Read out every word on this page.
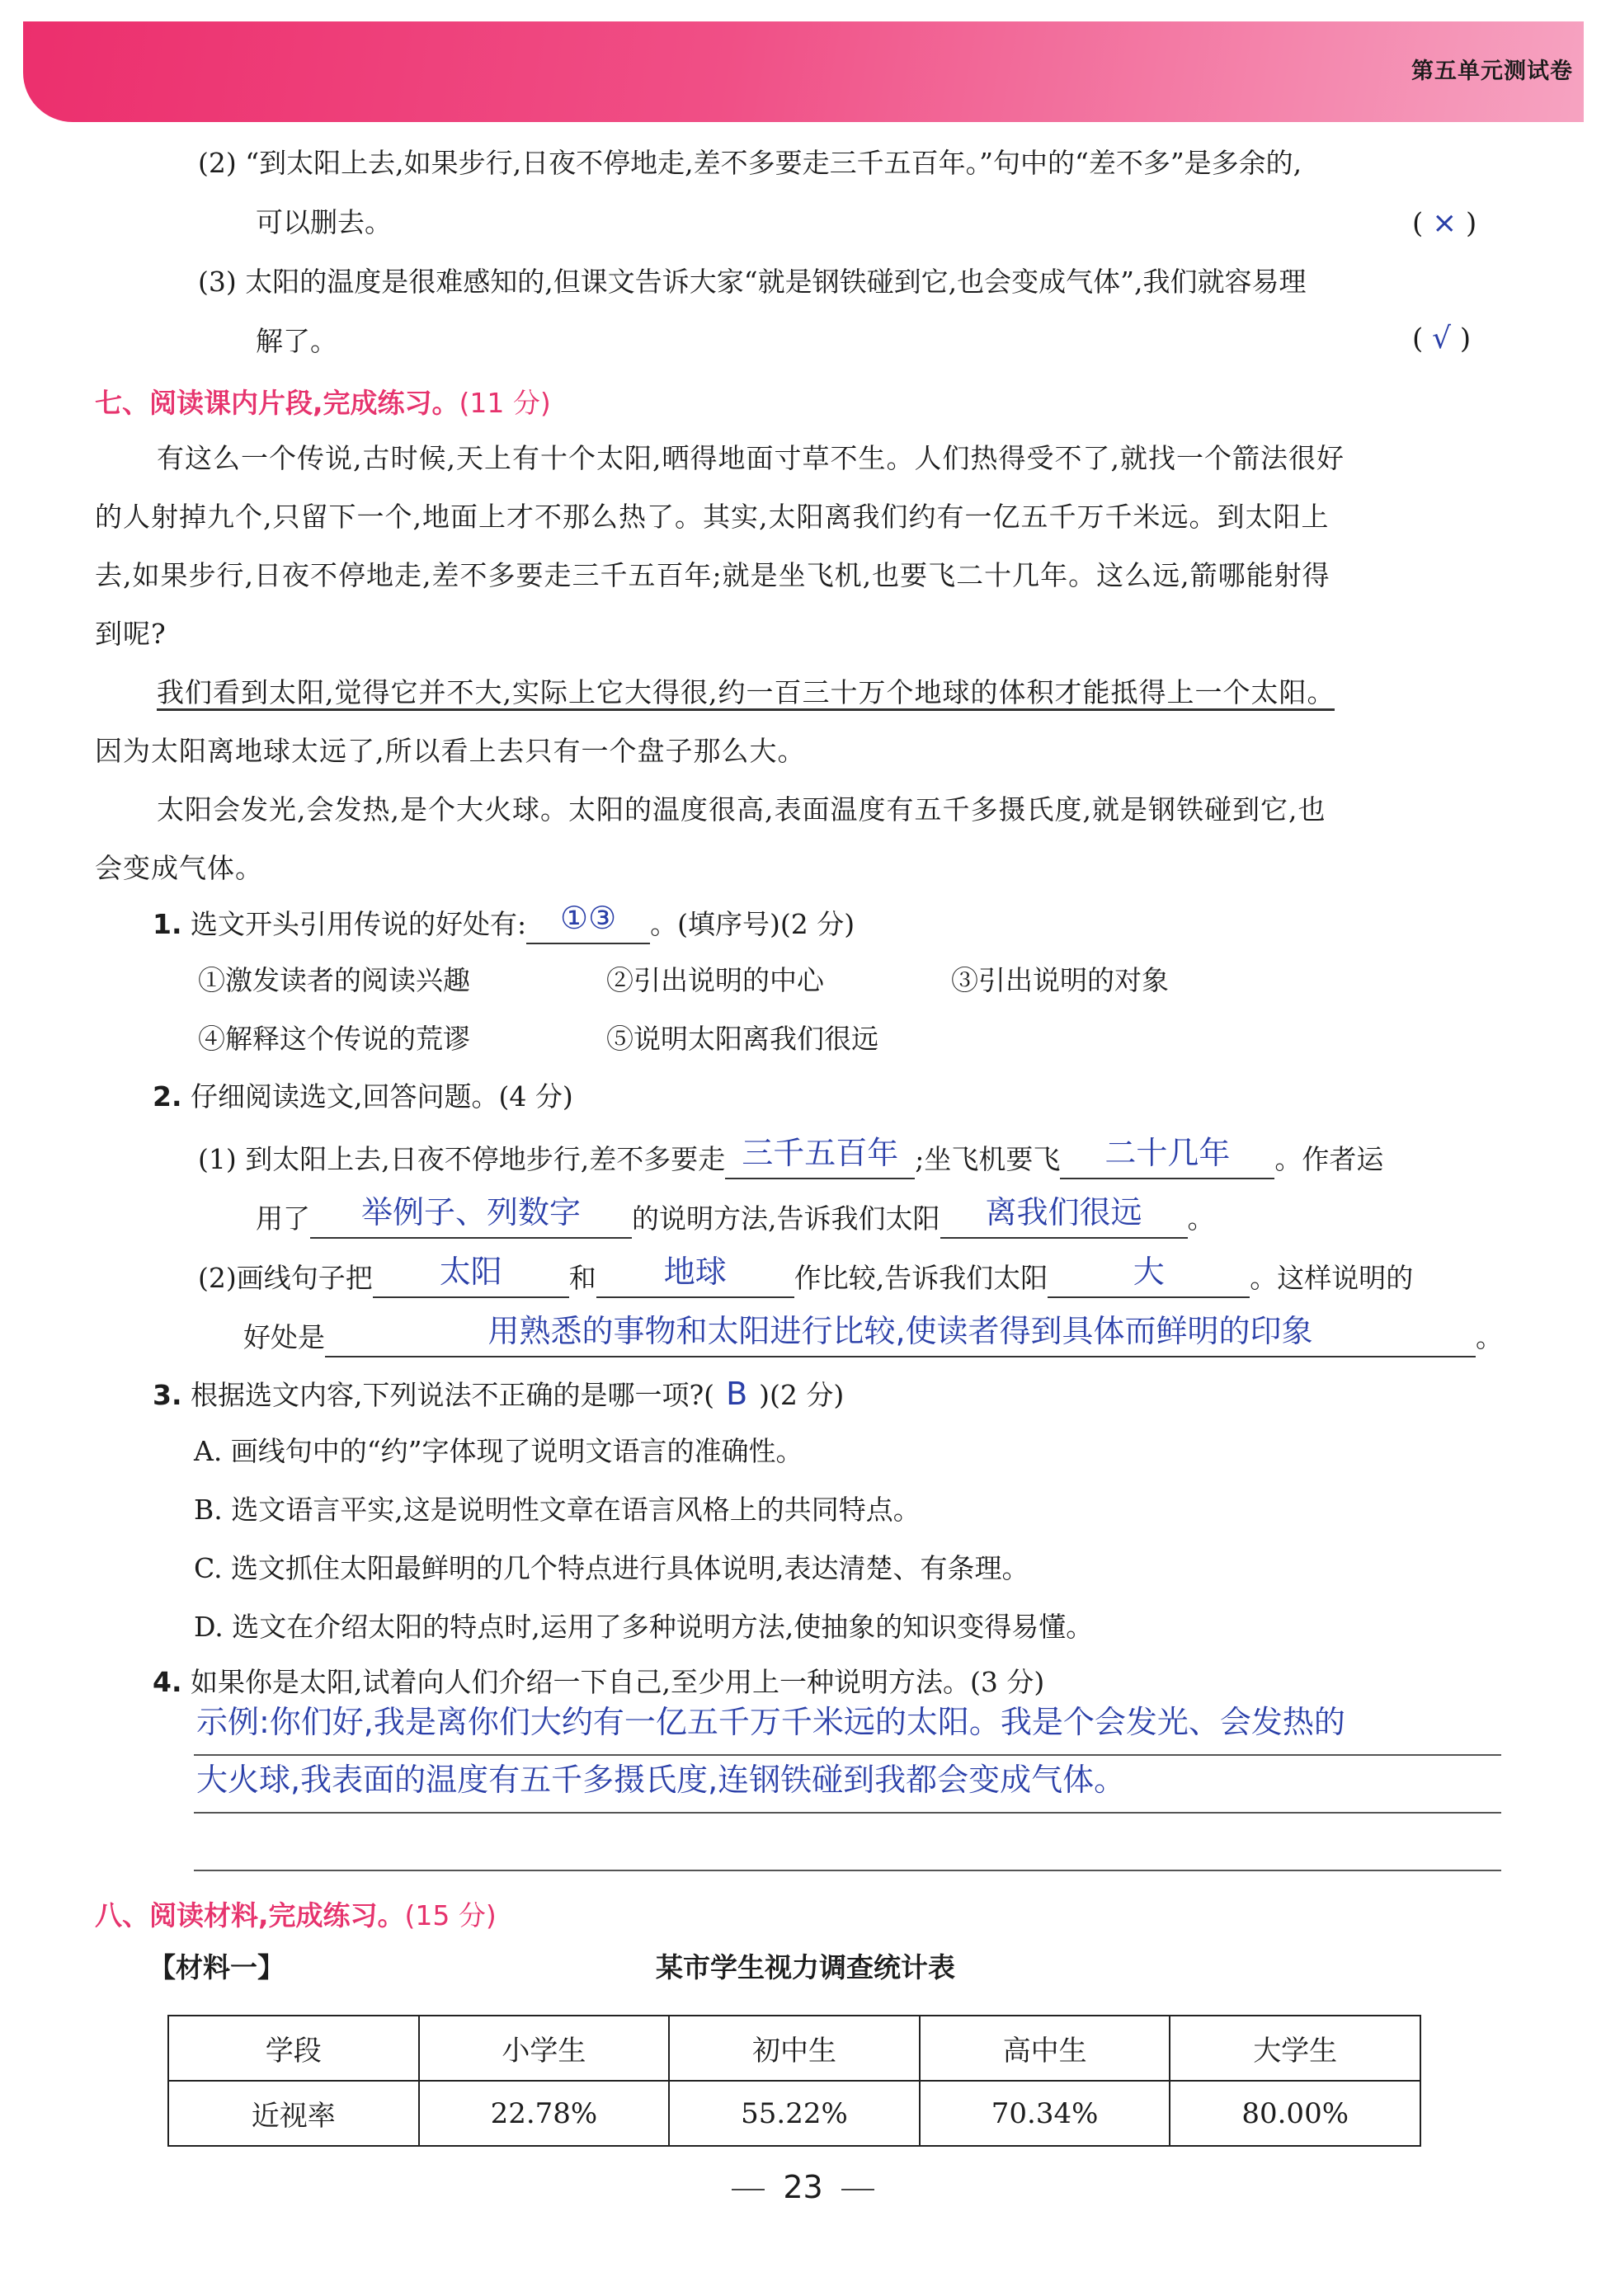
第五单元测试卷
(2) “到太阳上去,如果步行,日夜不停地走,差不多要走三千五百年。”句中的“差不多”是多余的,
可以删去。	( × )
(3) 太阳的温度是很难感知的,但课文告诉大家“就是钢铁碰到它,也会变成气体”,我们就容易理
解了。	( √ )
七、阅读课内片段,完成练习。(11 分)
有这么一个传说,古时候,天上有十个太阳,晒得地面寸草不生。人们热得受不了,就找一个箭法很好
的人射掉九个,只留下一个,地面上才不那么热了。其实,太阳离我们约有一亿五千万千米远。到太阳上
去,如果步行,日夜不停地走,差不多要走三千五百年;就是坐飞机,也要飞二十几年。这么远,箭哪能射得
到呢?
我们看到太阳,觉得它并不大,实际上它大得很,约一百三十万个地球的体积才能抵得上一个太阳。
因为太阳离地球太远了,所以看上去只有一个盘子那么大。
太阳会发光,会发热,是个大火球。太阳的温度很高,表面温度有五千多摄氏度,就是钢铁碰到它,也
会变成气体。
1. 选文开头引用传说的好处有: ①③ 。(填序号)(2 分)
①激发读者的阅读兴趣	②引出说明的中心	③引出说明的对象
④解释这个传说的荒谬	⑤说明太阳离我们很远
2. 仔细阅读选文,回答问题。(4 分)
(1) 到太阳上去,日夜不停地步行,差不多要走 三千五百年 ;坐飞机要飞 二十几年 。作者运
用了 举例子、列数字 的说明方法,告诉我们太阳 离我们很远 。
(2)画线句子把 太阳 和 地球 作比较,告诉我们太阳	大	。这样说明的
好处是	用熟悉的事物和太阳进行比较,使读者得到具体而鲜明的印象	。
3. 根据选文内容,下列说法不正确的是哪一项?( B )(2 分)
A. 画线句中的“约”字体现了说明文语言的准确性。
B. 选文语言平实,这是说明性文章在语言风格上的共同特点。
C. 选文抓住太阳最鲜明的几个特点进行具体说明,表达清楚、有条理。
D. 选文在介绍太阳的特点时,运用了多种说明方法,使抽象的知识变得易懂。
4. 如果你是太阳,试着向人们介绍一下自己,至少用上一种说明方法。(3 分)
示例:你们好,我是离你们大约有一亿五千万千米远的太阳。我是个会发光、会发热的
大火球,我表面的温度有五千多摄氏度,连钢铁碰到我都会变成气体。
八、阅读材料,完成练习。(15 分)
【材料一】	某市学生视力调查统计表
学段	小学生	初中生	高中生	大学生
近视率	22.78%	55.22%	70.34%	80.00%
23
